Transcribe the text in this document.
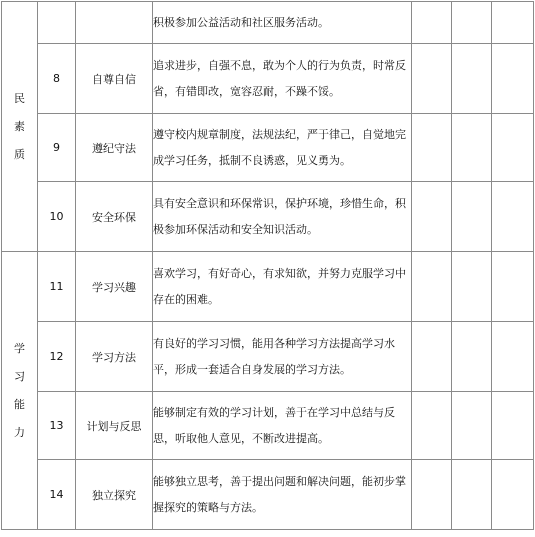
民
素
质			积极参加公益活动和社区服务活动。			
	8	自尊自信	追求进步，自强不息，敢为个人的行为负责，时常反省，有错即改，宽容忍耐，不躁不馁。			
	9	遵纪守法	遵守校内规章制度，法规法纪，严于律己，自觉地完成学习任务，抵制不良诱惑，见义勇为。			
	10	安全环保	具有安全意识和环保常识，保护环境，珍惜生命，积极参加环保活动和安全知识活动。			

学
习
能
力	11	学习兴趣	喜欢学习，有好奇心，有求知欲，并努力克服学习中存在的困难。			
	12	学习方法	有良好的学习习惯，能用各种学习方法提高学习水平，形成一套适合自身发展的学习方法。			
	13	计划与反思	能够制定有效的学习计划，善于在学习中总结与反思，听取他人意见，不断改进提高。			
	14	独立探究	能够独立思考，善于提出问题和解决问题，能初步掌握探究的策略与方法。			
